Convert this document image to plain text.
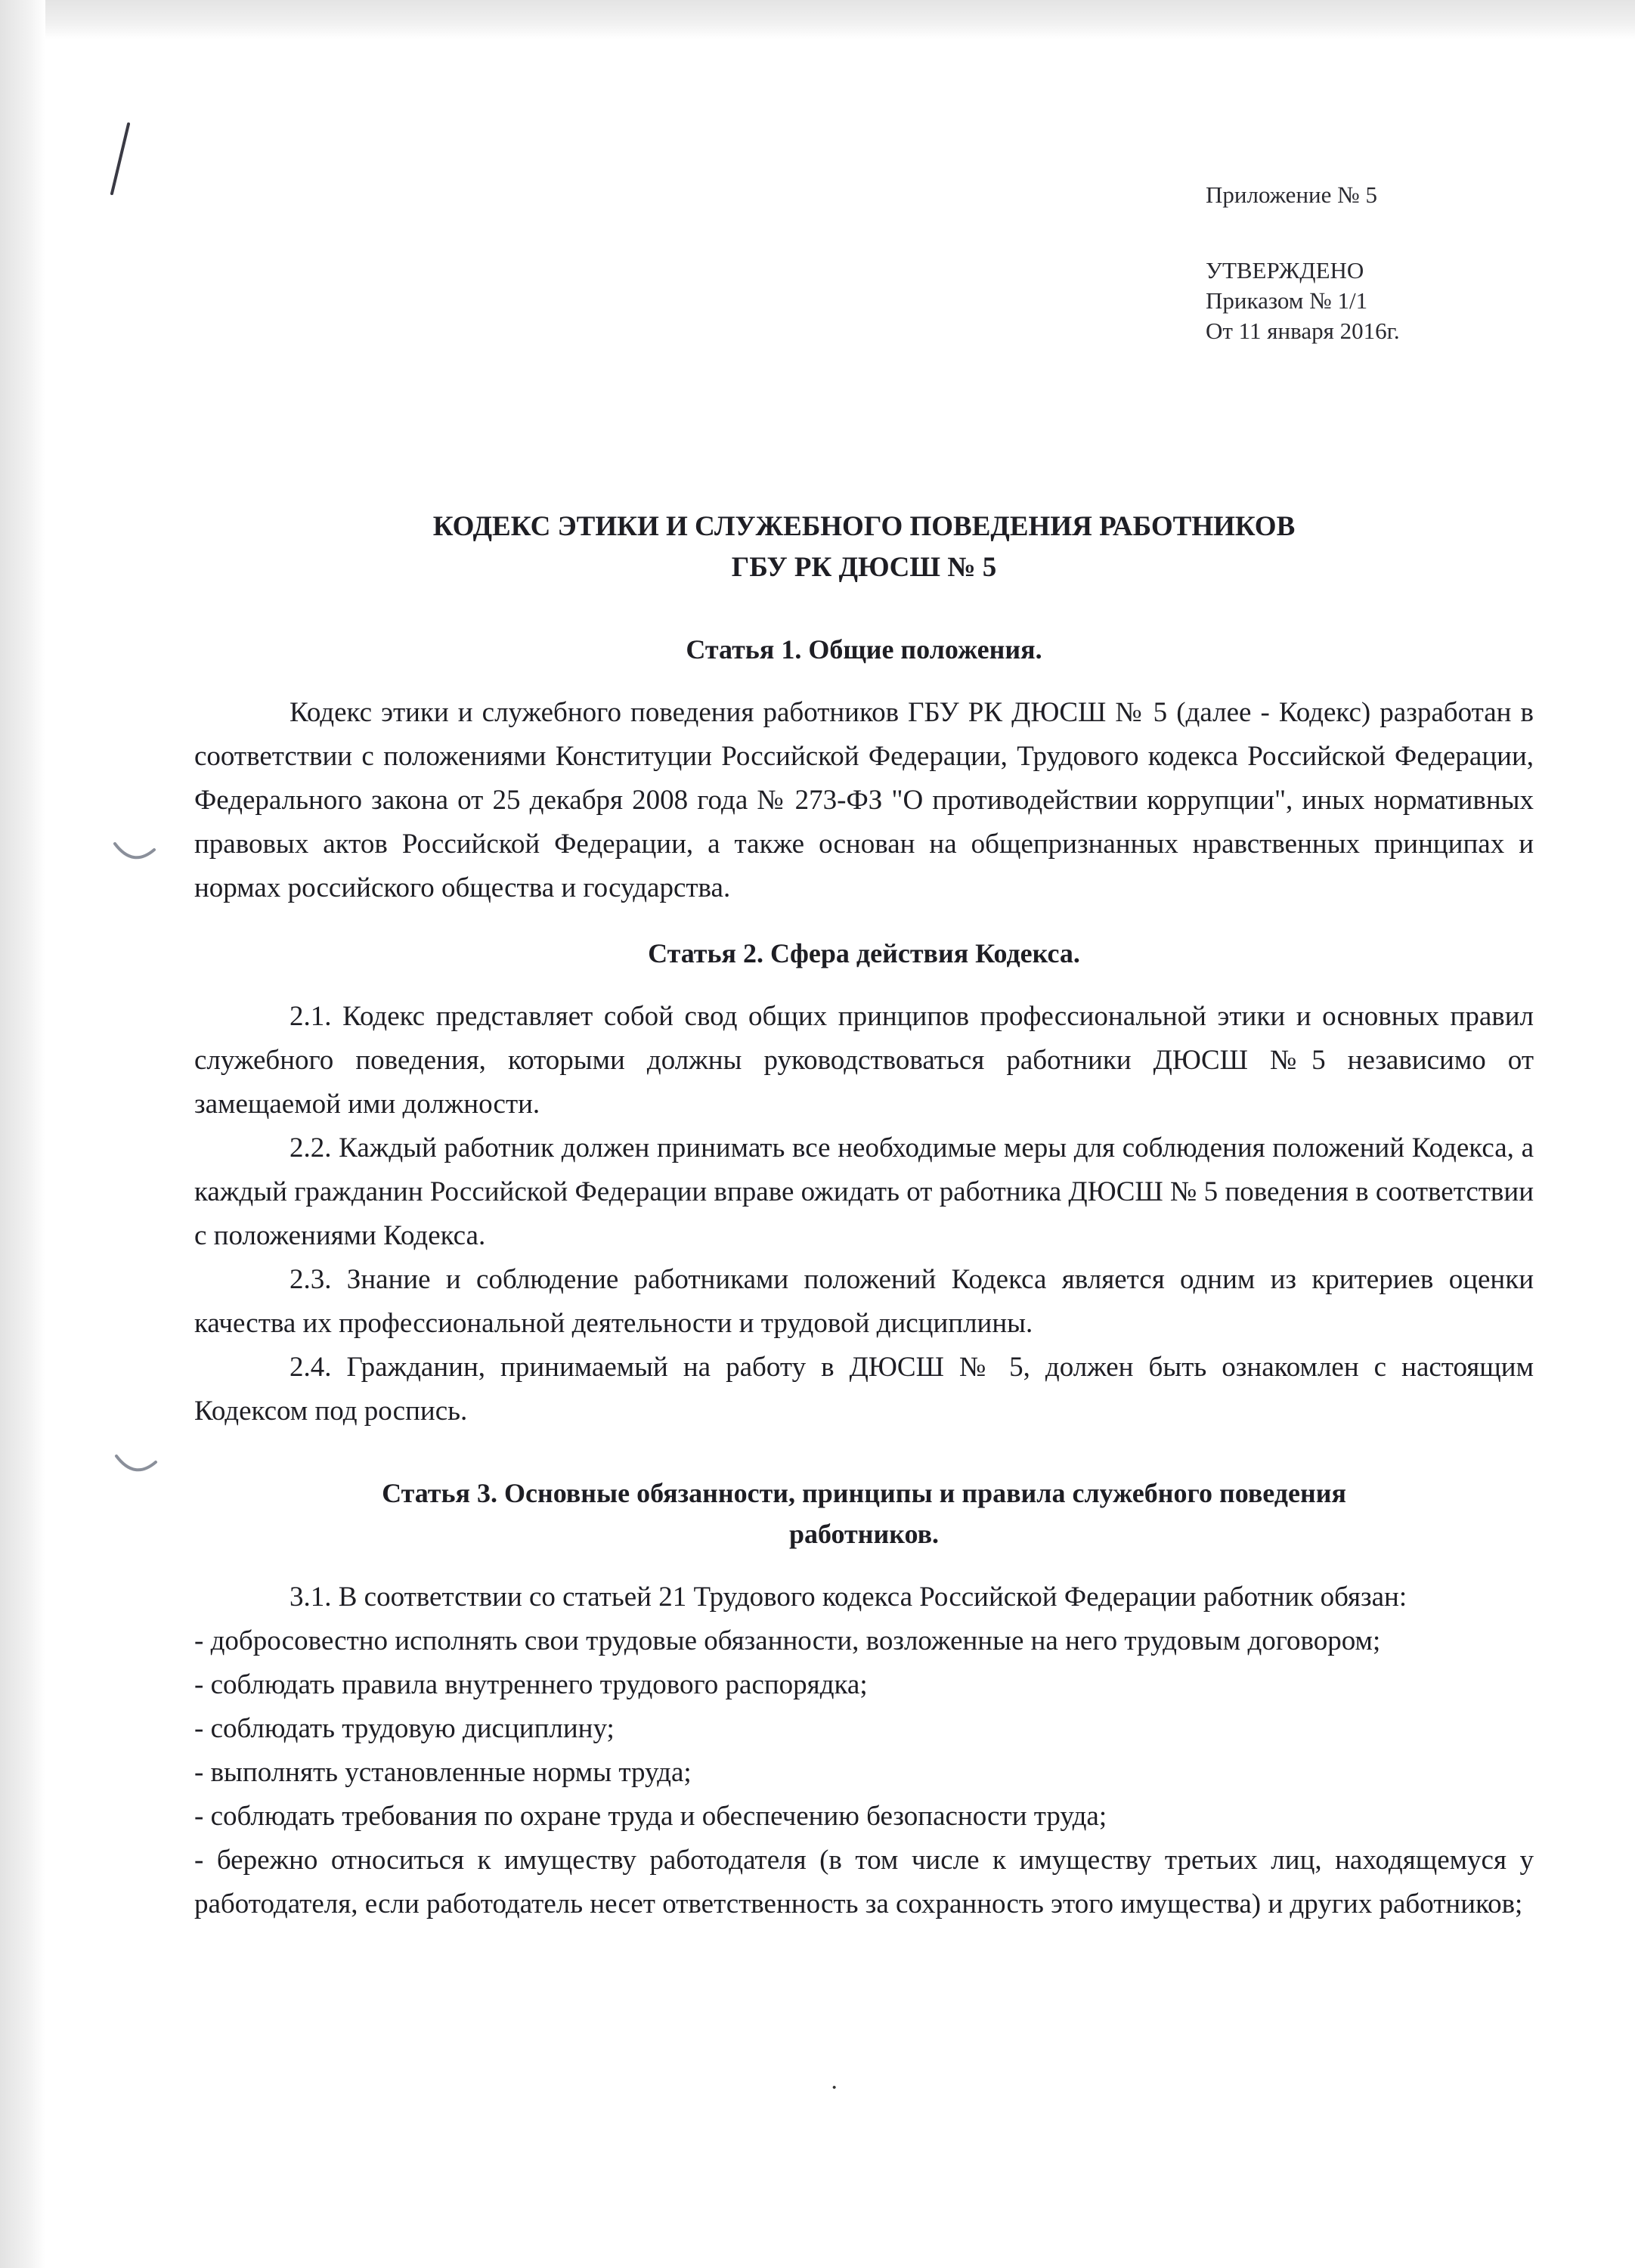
Приложение № 5
УТВЕРЖДЕНО
Приказом № 1/1
От 11 января 2016г.

КОДЕКС ЭТИКИ И СЛУЖЕБНОГО ПОВЕДЕНИЯ РАБОТНИКОВ

ГБУ РК ДЮСШ № 5

Статья 1. Общие положения.

Кодекс этики и служебного поведения работников ГБУ РК ДЮСШ № 5 (далее - Кодекс) разработан в соответствии с положениями Конституции Российской Федерации, Трудового кодекса Российской Федерации, Федерального закона от 25 декабря 2008 года № 273-ФЗ "О противодействии коррупции", иных нормативных правовых актов Российской Федерации, а также основан на общепризнанных нравственных принципах и нормах российского общества и государства.

Статья 2. Сфера действия Кодекса.

2.1. Кодекс представляет собой свод общих принципов профессиональной этики и основных правил служебного поведения, которыми должны руководствоваться работники ДЮСШ №5 независимо от замещаемой ими должности.

2.2. Каждый работник должен принимать все необходимые меры для соблюдения положений Кодекса, а каждый гражданин Российской Федерации вправе ожидать от работника ДЮСШ № 5 поведения в соответствии с положениями Кодекса.

2.3. Знание и соблюдение работниками положений Кодекса является одним из критериев оценки качества их профессиональной деятельности и трудовой дисциплины.

2.4. Гражданин, принимаемый на работу в ДЮСШ № 5, должен быть ознакомлен с настоящим Кодексом под роспись.

Статья 3. Основные обязанности, принципы и правила служебного поведения

работников.

3.1. В соответствии со статьей 21 Трудового кодекса Российской Федерации работник обязан:

- добросовестно исполнять свои трудовые обязанности, возложенные на него трудовым договором;

- соблюдать правила внутреннего трудового распорядка;

- соблюдать трудовую дисциплину;

- выполнять установленные нормы труда;

- соблюдать требования по охране труда и обеспечению безопасности труда;

- бережно относиться к имуществу работодателя (в том числе к имуществу третьих лиц, находящемуся у работодателя, если работодатель несет ответственность за сохранность этого имущества) и других работников;

·
